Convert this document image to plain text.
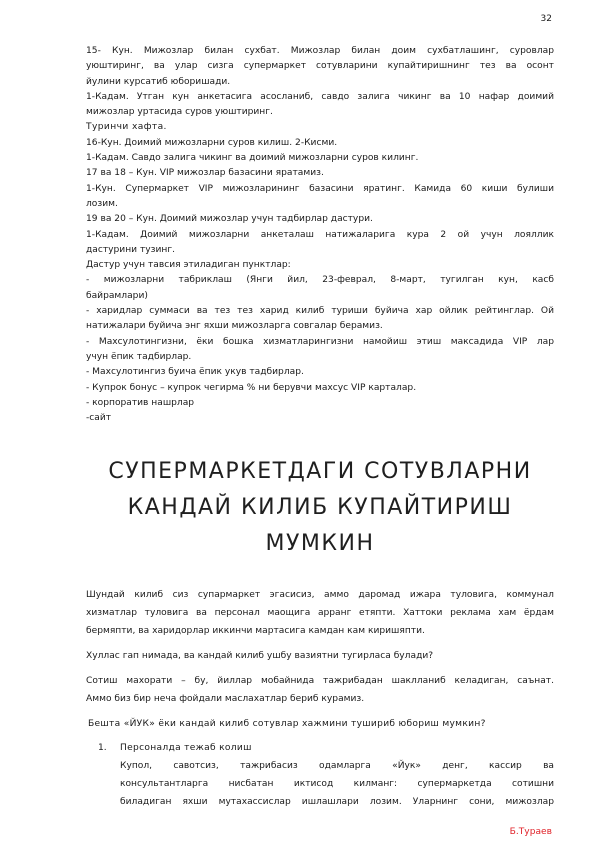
32

15- Кун. Мижозлар билан сухбат. Мижозлар билан доим сухбатлашинг, суровлар

уюштиринг, ва улар сизга супермаркет сотувларини купайтиришнинг тез ва осонт

йулини курсатиб юборишади.

1-Кадам. Утган кун анкетасига асосланиб, савдо залига чикинг ва 10 нафар доимий

мижозлар уртасида суров уюштиринг.

Туринчи хафта.

16-Кун. Доимий мижозларни суров килиш. 2-Кисми.

1-Кадам. Савдо залига чикинг ва доимий мижозларни суров килинг.

17 ва 18 – Кун. VIP мижозлар базасини яратамиз.

1-Кун. Супермаркет VIP мижозларининг базасини яратинг. Камида 60 киши булиши

лозим.

19 ва 20 – Кун. Доимий мижозлар учун тадбирлар дастури.

1-Кадам. Доимий мижозларни анкеталаш натижаларига кура 2 ой учун лояллик

дастурини тузинг.

Дастур учун тавсия этиладиган пунктлар:

- мижозларни табриклаш (Янги йил, 23-феврал, 8-март, тугилган кун, касб

байрамлари)

- харидлар суммаси ва тез тез харид килиб туриши буйича хар ойлик рейтинглар. Ой

натижалари буйича энг яхши мижозларга совгалар берамиз.

- Махсулотингизни, ёки бошка хизматларингизни намойиш этиш максадида VIP лар

учун ёпик тадбирлар.

- Махсулотингиз буича ёпик укув тадбирлар.

- Купрок бонус – купрок чегирма % ни берувчи махсус VIP карталар.

- корпоратив нашрлар

-сайт

СУПЕРМАРКЕТДАГИ СОТУВЛАРНИ
КАНДАЙ КИЛИБ КУПАЙТИРИШ
МУМКИН

Шундай килиб сиз супармаркет эгасисиз, аммо даромад ижара туловига, коммунал

хизматлар туловига ва персонал маощига арранг етяпти. Хаттоки реклама хам ёрдам

бермяпти, ва харидорлар иккинчи мартасига камдан кам киришяпти.

Хуллас гап нимада, ва кандай килиб ушбу вазиятни тугирласа булади?

Сотиш махорати – бу, йиллар мобайнида тажрибадан шаклланиб келадиган, саънат.

Аммо биз бир неча фойдали маслахатлар бериб курамиз.

Бешта «ЙУК» ёки кандай килиб сотувлар хажмини тушириб юбориш мумкин?

1.	Персоналда тежаб колиш

Купол, савотсиз, тажрибасиз одамларга «Йук» денг, кассир ва

консультантларга нисбатан иктисод килманг: супермаркетда сотишни

биладиган яхши мутахассислар ишлашлари лозим. Уларнинг сони, мижозлар

Б.Тураев
